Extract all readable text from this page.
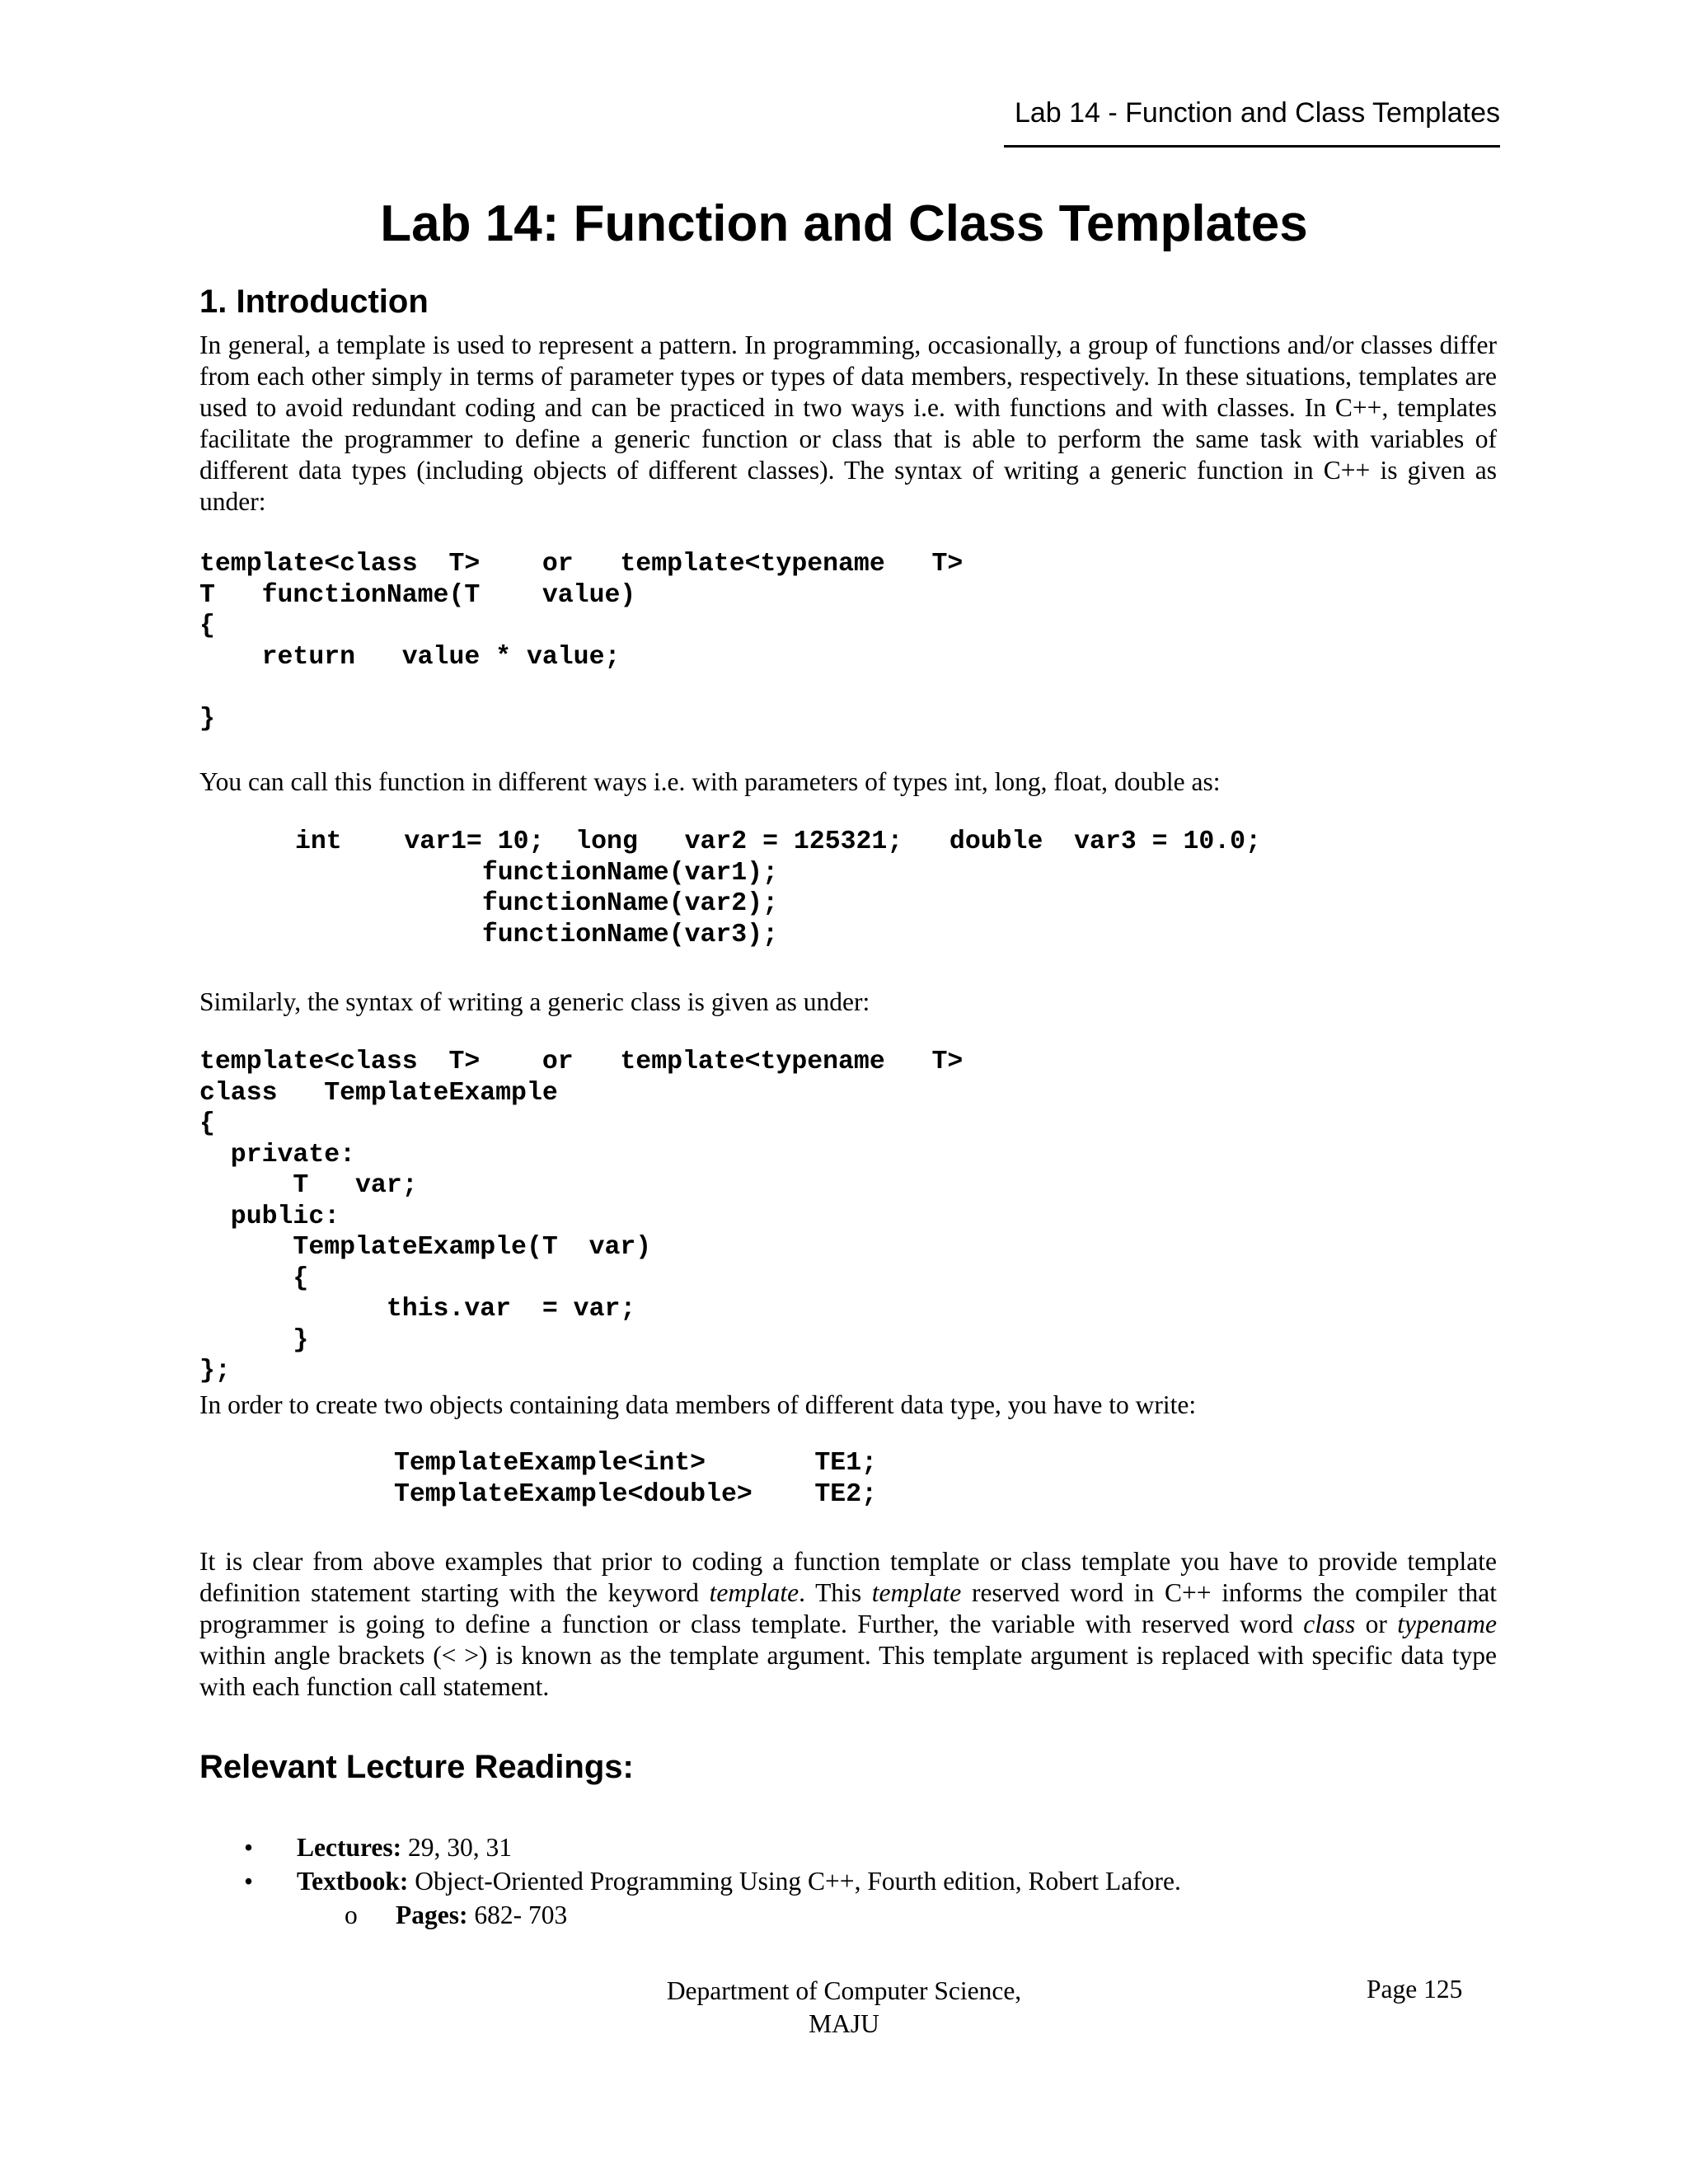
Lab 14 - Function and Class Templates
Lab 14: Function and Class Templates
1. Introduction
In general, a template is used to represent a pattern. In programming, occasionally, a group of functions and/or classes differ from each other simply in terms of parameter types or types of data members, respectively. In these situations, templates are used to avoid redundant coding and can be practiced in two ways i.e. with functions and with classes. In C++, templates facilitate the programmer to define a generic function or class that is able to perform the same task with variables of different data types (including objects of different classes). The syntax of writing a generic function in C++ is given as under:
template<class  T>    or   template<typename   T>
T   functionName(T    value)
{
return   value * value;

}
You can call this function in different ways i.e. with parameters of types int, long, float, double as:
int    var1= 10;  long   var2 = 125321;   double  var3 = 10.0;
functionName(var1);
functionName(var2);
functionName(var3);
Similarly, the syntax of writing a generic class is given as under:
template<class  T>    or   template<typename   T>
class   TemplateExample
{
private:
T   var;
public:
TemplateExample(T  var)
{
this.var  = var;
}
};
In order to create two objects containing data members of different data type, you have to write:
TemplateExample<int>       TE1;
TemplateExample<double>    TE2;
It is clear from above examples that prior to coding a function template or class template you have to provide template definition statement starting with the keyword template. This template reserved word in C++ informs the compiler that programmer is going to define a function or class template. Further, the variable with reserved word class or typename within angle brackets (< >) is known as the template argument. This template argument is replaced with specific data type with each function call statement.
Relevant Lecture Readings:
• Lectures: 29, 30, 31
• Textbook: Object-Oriented Programming Using C++, Fourth edition, Robert Lafore.
o Pages: 682- 703
Department of Computer Science,
MAJU
Page 125
